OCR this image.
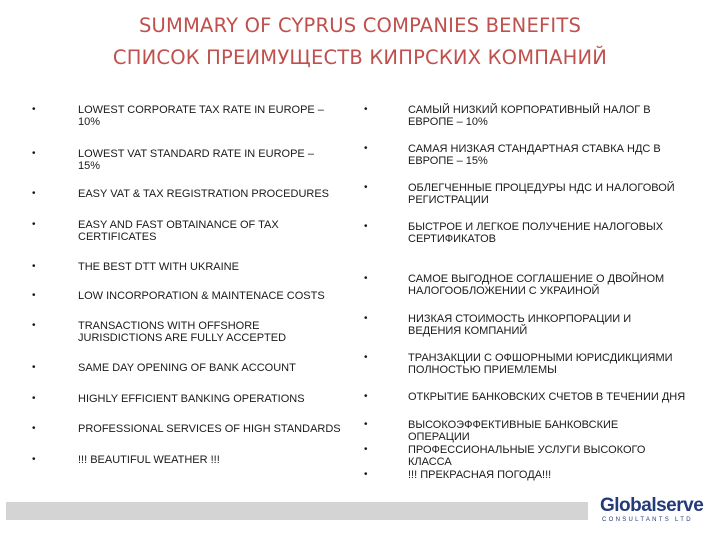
SUMMARY OF CYPRUS COMPANIES BENEFITS
СПИСОК ПРЕИМУЩЕСТВ КИПРСКИХ КОМПАНИЙ
•	LOWEST CORPORATE TAX RATE IN EUROPE –
10%
•	LOWEST VAT STANDARD RATE IN EUROPE –
15%
•	EASY VAT & TAX REGISTRATION PROCEDURES
•	EASY AND FAST OBTAINANCE OF TAX
CERTIFICATES
•	THE BEST DTT WITH UKRAINE
•	LOW INCORPORATION & MAINTENACE COSTS
•	TRANSACTIONS WITH OFFSHORE
JURISDICTIONS ARE FULLY ACCEPTED
•	SAME DAY OPENING OF BANK ACCOUNT
•	HIGHLY EFFICIENT BANKING OPERATIONS
•	PROFESSIONAL SERVICES OF HIGH STANDARDS
•	!!! BEAUTIFUL WEATHER !!!
•	САМЫЙ НИЗКИЙ КОРПОРАТИВНЫЙ НАЛОГ В
ЕВРОПЕ – 10%
•	САМАЯ НИЗКАЯ СТАНДАРТНАЯ СТАВКА НДС В
ЕВРОПЕ – 15%
•	ОБЛЕГЧЕННЫЕ ПРОЦЕДУРЫ НДС И НАЛОГОВОЙ
РЕГИСТРАЦИИ
•	БЫСТРОЕ И ЛЕГКОЕ ПОЛУЧЕНИЕ НАЛОГОВЫХ
СЕРТИФИКАТОВ
•	САМОЕ ВЫГОДНОЕ СОГЛАШЕНИЕ О ДВОЙНОМ
НАЛОГООБЛОЖЕНИИ С УКРАИНОЙ
•	НИЗКАЯ СТОИМОСТЬ ИНКОРПОРАЦИИ И
ВЕДЕНИЯ КОМПАНИЙ
•	ТРАНЗАКЦИИ С ОФШОРНЫМИ ЮРИСДИКЦИЯМИ
ПОЛНОСТЬЮ ПРИЕМЛЕМЫ
•	ОТКРЫТИЕ БАНКОВСКИХ СЧЕТОВ В ТЕЧЕНИИ ДНЯ
•	ВЫСОКОЭФФЕКТИВНЫЕ БАНКОВСКИЕ
ОПЕРАЦИИ
•	ПРОФЕССИОНАЛЬНЫЕ УСЛУГИ ВЫСОКОГО
КЛАССА
•	!!! ПРЕКРАСНАЯ ПОГОДА!!!
Globalserve
CONSULTANTS LTD
